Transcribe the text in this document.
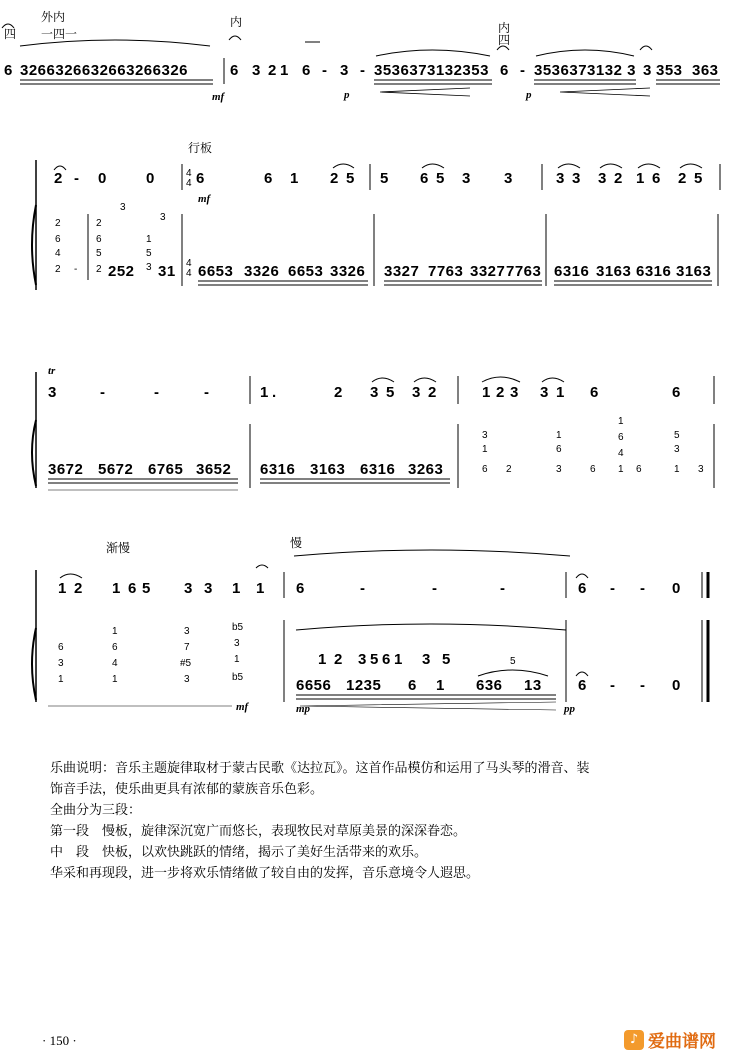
外内
一四一
四
内	内
四
6 3266326632663266326	6 3 2 1 6 - 3 - 3536373132353 6 - 3536373132 3 3 353 363
mf	p	p
行板
2 - 0	0	4
4 6	6 1 2 5
mf
5 6 5 3 3	3 3 3 2 1 6 2 5
2
6
4
2 -
2
6
5
2 252
3
1
5
3 31
3
4
4 6653 3326 6653 3326 3327 7763 3327 7763 6316 3163 6316 3163
tr
3	-	-	-	1 .	2 3 5 3 2	1 2 3 3 1 6	6
3672 5672 6765 3652 6316 3163 6316 3263
3
1
6 2
1
6
3	6
1
6
4
1 6
5
3
1 3
渐慢	慢
1 2 1 6 5 3 3 1 1 6	-	-	-	6 - - 0
6
3
1
1
6
4
1
3
7
#5
3
b5
3
1
b5
mf
1 2 3 5 6 1 3 5
6656 1235 6 1 636 13
5
6 - - 0
mp	pp

乐曲说明：音乐主题旋律取材于蒙古民歌《达拉瓦》。这首作品模仿和运用了马头琴的滑音、装

饰音手法，使乐曲更具有浓郁的蒙族音乐色彩。

全曲分为三段：

第一段　慢板，旋律深沉宽广而悠长，表现牧民对草原美景的深深眷恋。

中　段　快板，以欢快跳跃的情绪，揭示了美好生活带来的欢乐。

华采和再现段，进一步将欢乐情绪做了较自由的发挥，音乐意境令人遐思。

· 150 ·	♪ 爱曲谱网
